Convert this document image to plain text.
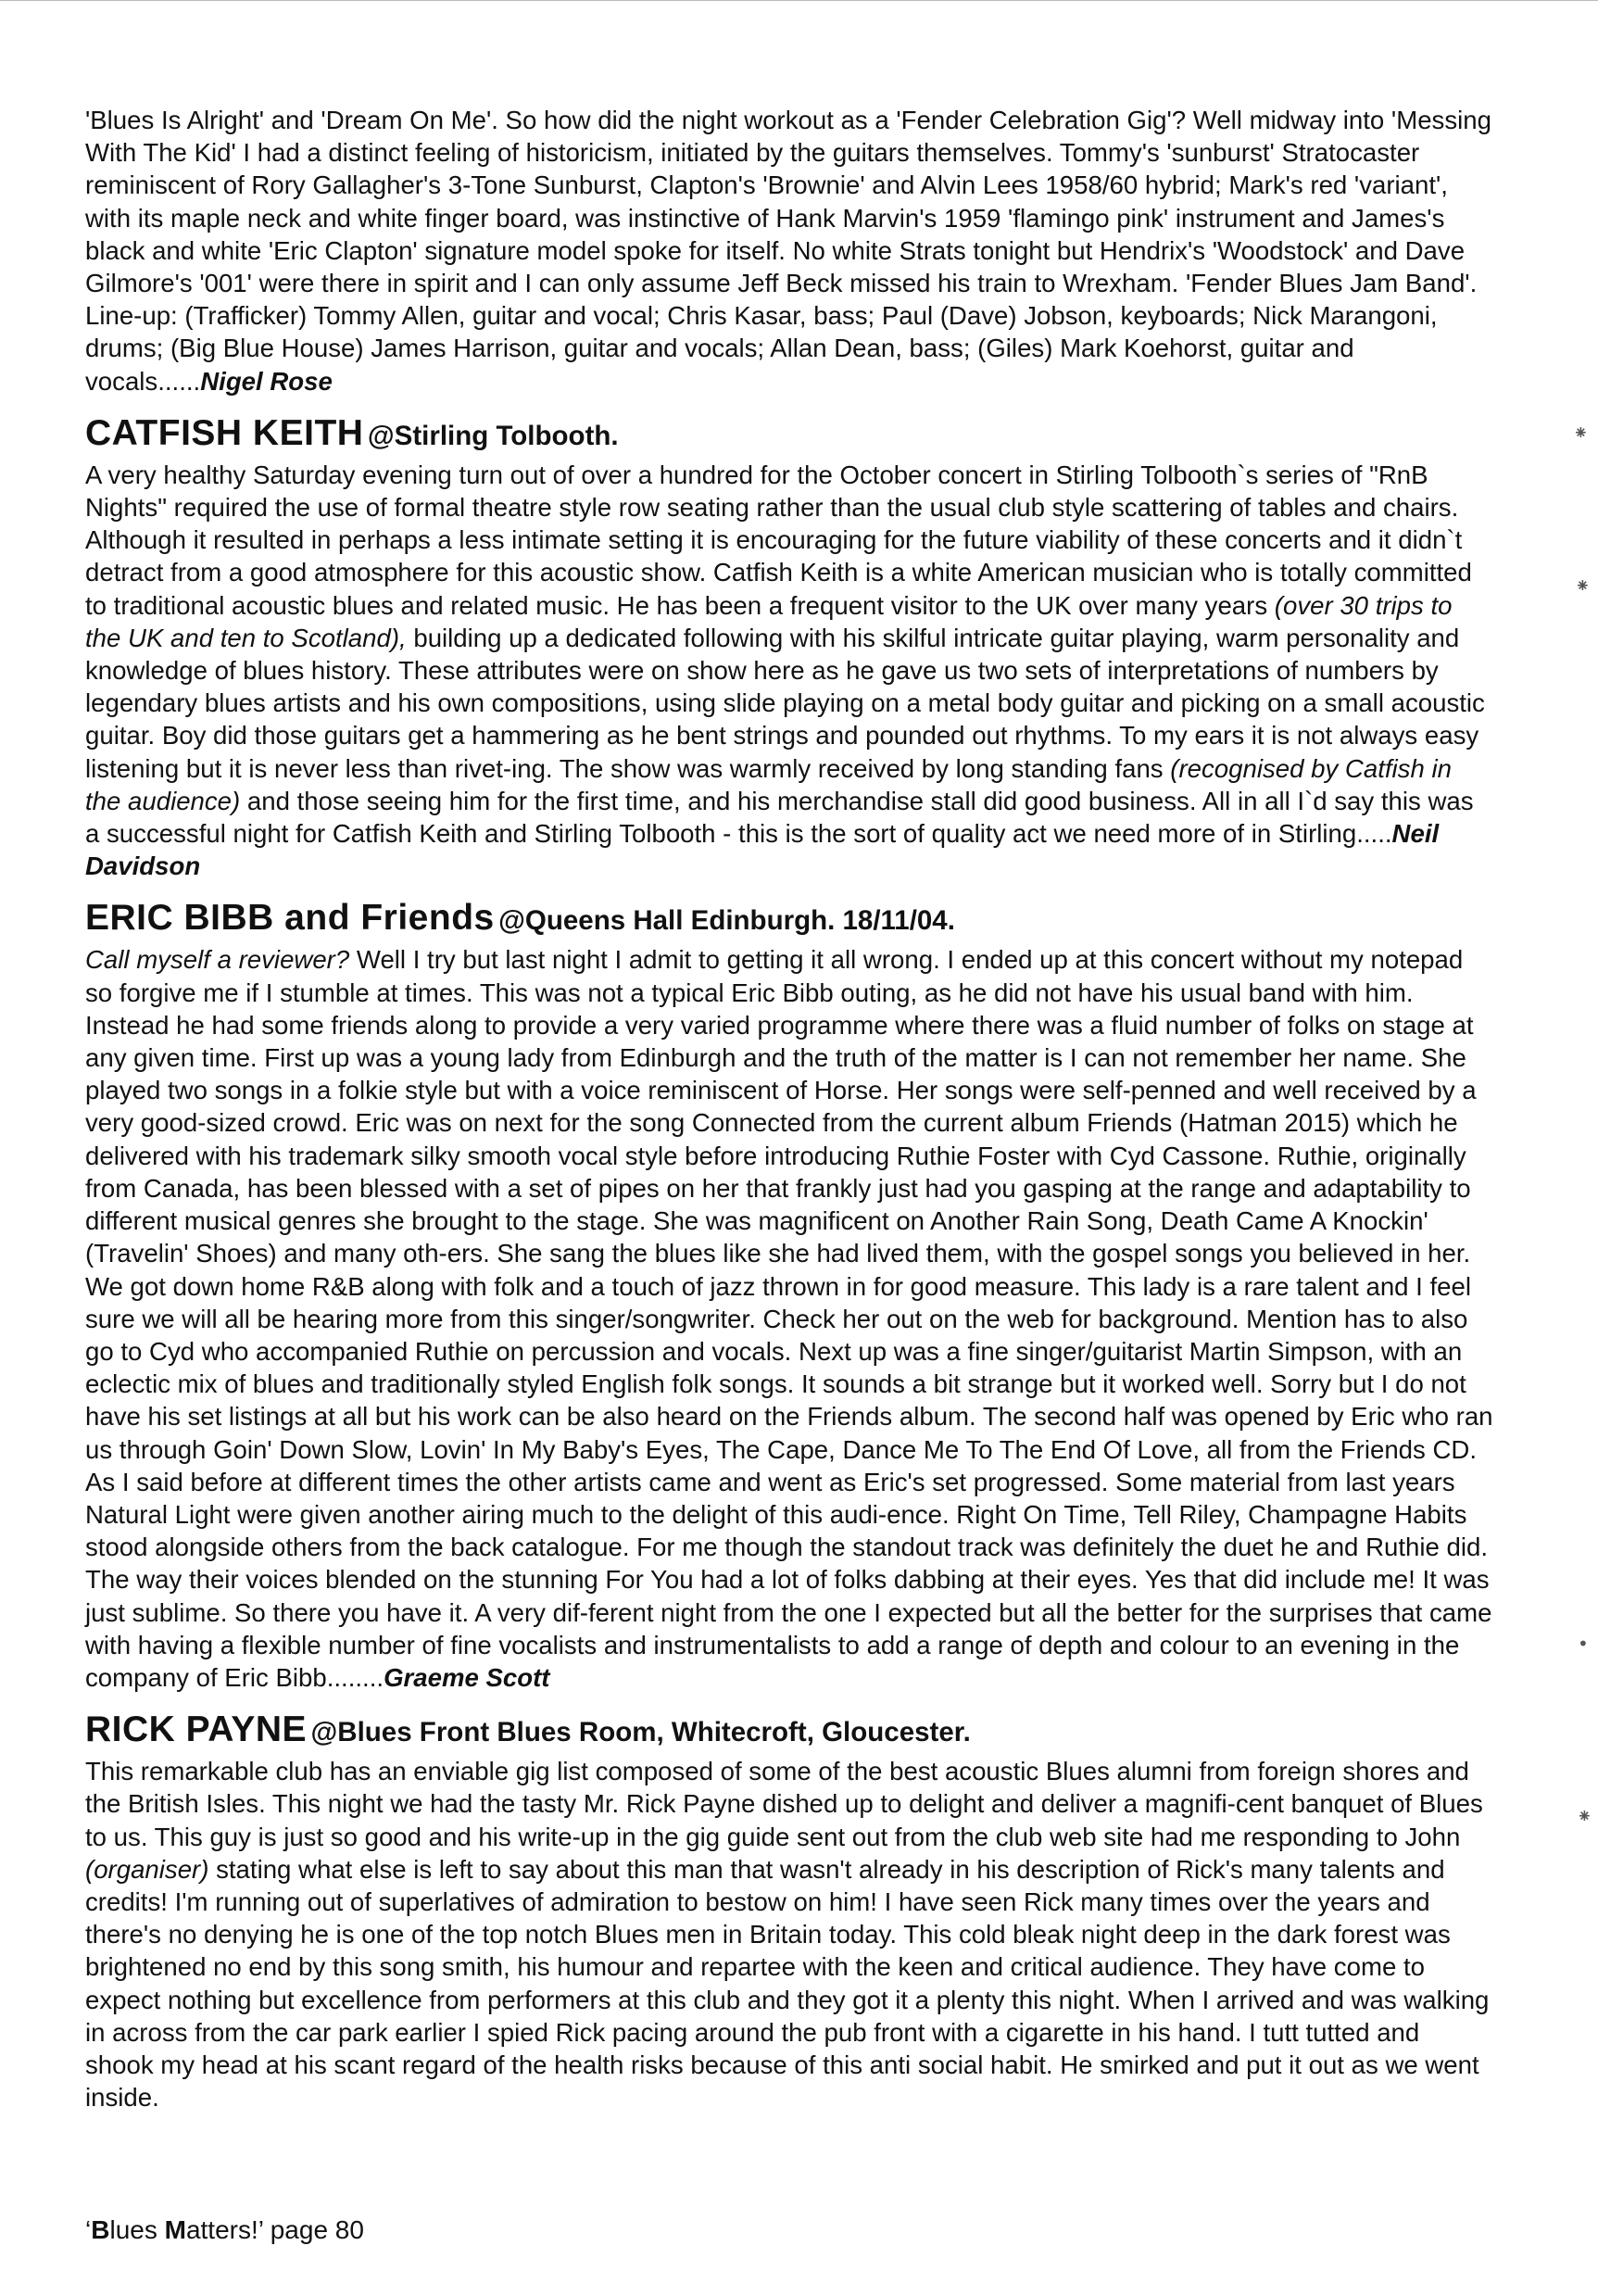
'Blues Is Alright' and 'Dream On Me'. So how did the night workout as a 'Fender Celebration Gig'? Well midway into 'Messing With The Kid' I had a distinct feeling of historicism, initiated by the guitars themselves. Tommy's 'sunburst' Stratocaster reminiscent of Rory Gallagher's 3-Tone Sunburst, Clapton's 'Brownie' and Alvin Lees 1958/60 hybrid; Mark's red 'variant', with its maple neck and white finger board, was instinctive of Hank Marvin's 1959 'flamingo pink' instrument and James's black and white 'Eric Clapton' signature model spoke for itself. No white Strats tonight but Hendrix's 'Woodstock' and Dave Gilmore's '001' were there in spirit and I can only assume Jeff Beck missed his train to Wrexham. 'Fender Blues Jam Band'. Line-up: (Trafficker) Tommy Allen, guitar and vocal; Chris Kasar, bass; Paul (Dave) Jobson, keyboards; Nick Marangoni, drums; (Big Blue House) James Harrison, guitar and vocals; Allan Dean, bass; (Giles) Mark Koehorst, guitar and vocals......Nigel Rose

CATFISH KEITH @Stirling Tolbooth.

A very healthy Saturday evening turn out of over a hundred for the October concert in Stirling Tolbooth`s series of "RnB Nights" required the use of formal theatre style row seating rather than the usual club style scattering of tables and chairs. Although it resulted in perhaps a less intimate setting it is encouraging for the future viability of these concerts and it didn`t detract from a good atmosphere for this acoustic show. Catfish Keith is a white American musician who is totally committed to traditional acoustic blues and related music. He has been a frequent visitor to the UK over many years (over 30 trips to the UK and ten to Scotland), building up a dedicated following with his skilful intricate guitar playing, warm personality and knowledge of blues history. These attributes were on show here as he gave us two sets of interpretations of numbers by legendary blues artists and his own compositions, using slide playing on a metal body guitar and picking on a small acoustic guitar. Boy did those guitars get a hammering as he bent strings and pounded out rhythms. To my ears it is not always easy listening but it is never less than rivet-ing. The show was warmly received by long standing fans (recognised by Catfish in the audience) and those seeing him for the first time, and his merchandise stall did good business. All in all I`d say this was a successful night for Catfish Keith and Stirling Tolbooth - this is the sort of quality act we need more of in Stirling.....Neil Davidson

ERIC BIBB and Friends @Queens Hall Edinburgh. 18/11/04.

Call myself a reviewer? Well I try but last night I admit to getting it all wrong. I ended up at this concert without my notepad so forgive me if I stumble at times. This was not a typical Eric Bibb outing, as he did not have his usual band with him. Instead he had some friends along to provide a very varied programme where there was a fluid number of folks on stage at any given time. First up was a young lady from Edinburgh and the truth of the matter is I can not remember her name. She played two songs in a folkie style but with a voice reminiscent of Horse. Her songs were self-penned and well received by a very good-sized crowd. Eric was on next for the song Connected from the current album Friends (Hatman 2015) which he delivered with his trademark silky smooth vocal style before introducing Ruthie Foster with Cyd Cassone. Ruthie, originally from Canada, has been blessed with a set of pipes on her that frankly just had you gasping at the range and adaptability to different musical genres she brought to the stage. She was magnificent on Another Rain Song, Death Came A Knockin' (Travelin' Shoes) and many oth-ers. She sang the blues like she had lived them, with the gospel songs you believed in her. We got down home R&B along with folk and a touch of jazz thrown in for good measure. This lady is a rare talent and I feel sure we will all be hearing more from this singer/songwriter. Check her out on the web for background. Mention has to also go to Cyd who accompanied Ruthie on percussion and vocals. Next up was a fine singer/guitarist Martin Simpson, with an eclectic mix of blues and traditionally styled English folk songs. It sounds a bit strange but it worked well. Sorry but I do not have his set listings at all but his work can be also heard on the Friends album. The second half was opened by Eric who ran us through Goin' Down Slow, Lovin' In My Baby's Eyes, The Cape, Dance Me To The End Of Love, all from the Friends CD. As I said before at different times the other artists came and went as Eric's set progressed. Some material from last years Natural Light were given another airing much to the delight of this audi-ence. Right On Time, Tell Riley, Champagne Habits stood alongside others from the back catalogue. For me though the standout track was definitely the duet he and Ruthie did. The way their voices blended on the stunning For You had a lot of folks dabbing at their eyes. Yes that did include me! It was just sublime. So there you have it. A very dif-ferent night from the one I expected but all the better for the surprises that came with having a flexible number of fine vocalists and instrumentalists to add a range of depth and colour to an evening in the company of Eric Bibb........Graeme Scott

RICK PAYNE @Blues Front Blues Room, Whitecroft, Gloucester.

This remarkable club has an enviable gig list composed of some of the best acoustic Blues alumni from foreign shores and the British Isles. This night we had the tasty Mr. Rick Payne dished up to delight and deliver a magnifi-cent banquet of Blues to us. This guy is just so good and his write-up in the gig guide sent out from the club web site had me responding to John (organiser) stating what else is left to say about this man that wasn't already in his description of Rick's many talents and credits! I'm running out of superlatives of admiration to bestow on him! I have seen Rick many times over the years and there's no denying he is one of the top notch Blues men in Britain today. This cold bleak night deep in the dark forest was brightened no end by this song smith, his humour and repartee with the keen and critical audience. They have come to expect nothing but excellence from performers at this club and they got it a plenty this night. When I arrived and was walking in across from the car park earlier I spied Rick pacing around the pub front with a cigarette in his hand. I tutt tutted and shook my head at his scant regard of the health risks because of this anti social habit. He smirked and put it out as we went inside.

‘Blues Matters!’ page 80
⁕
⁕
•
⁕
